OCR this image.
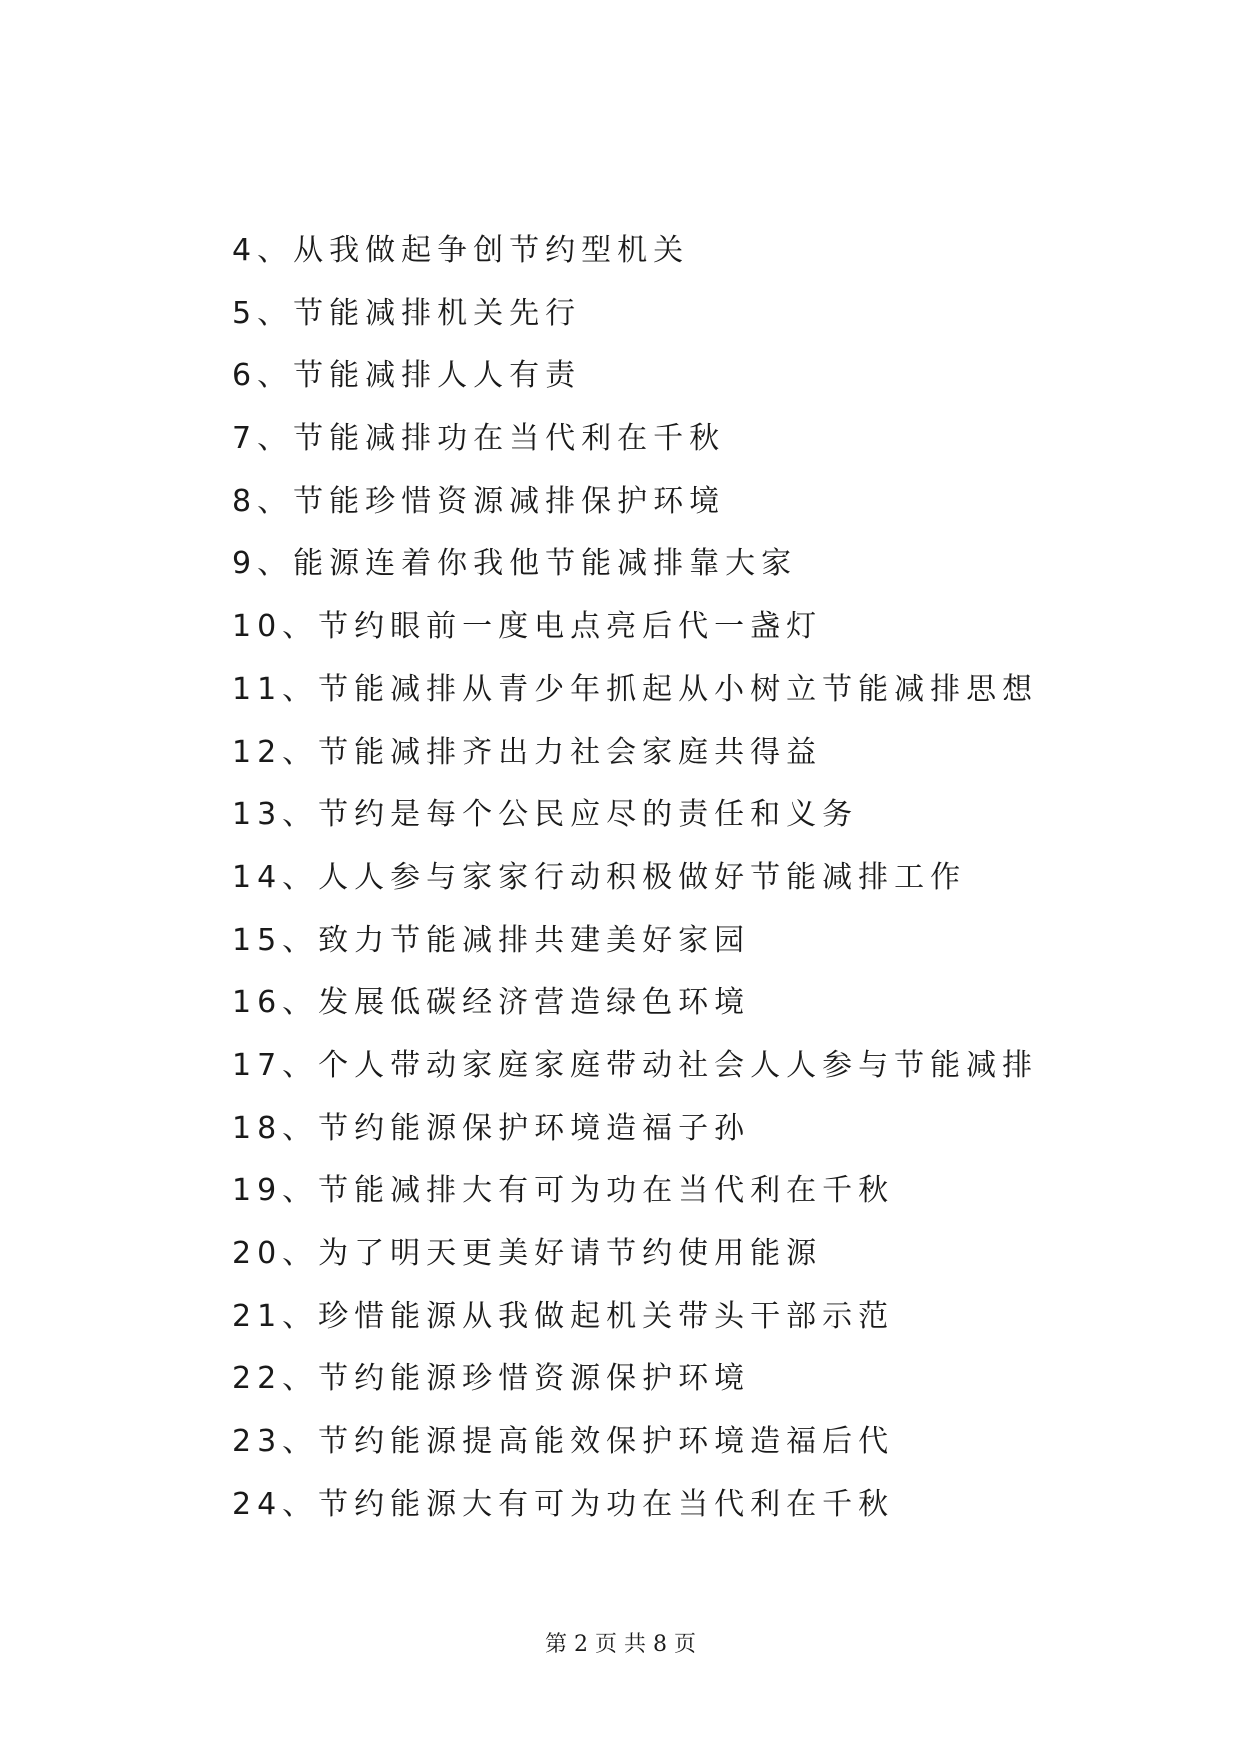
4、从我做起争创节约型机关
5、节能减排机关先行
6、节能减排人人有责
7、节能减排功在当代利在千秋
8、节能珍惜资源减排保护环境
9、能源连着你我他节能减排靠大家
10、节约眼前一度电点亮后代一盏灯
11、节能减排从青少年抓起从小树立节能减排思想
12、节能减排齐出力社会家庭共得益
13、节约是每个公民应尽的责任和义务
14、人人参与家家行动积极做好节能减排工作
15、致力节能减排共建美好家园
16、发展低碳经济营造绿色环境
17、个人带动家庭家庭带动社会人人参与节能减排
18、节约能源保护环境造福子孙
19、节能减排大有可为功在当代利在千秋
20、为了明天更美好请节约使用能源
21、珍惜能源从我做起机关带头干部示范
22、节约能源珍惜资源保护环境
23、节约能源提高能效保护环境造福后代
24、节约能源大有可为功在当代利在千秋
第 2 页 共 8 页
